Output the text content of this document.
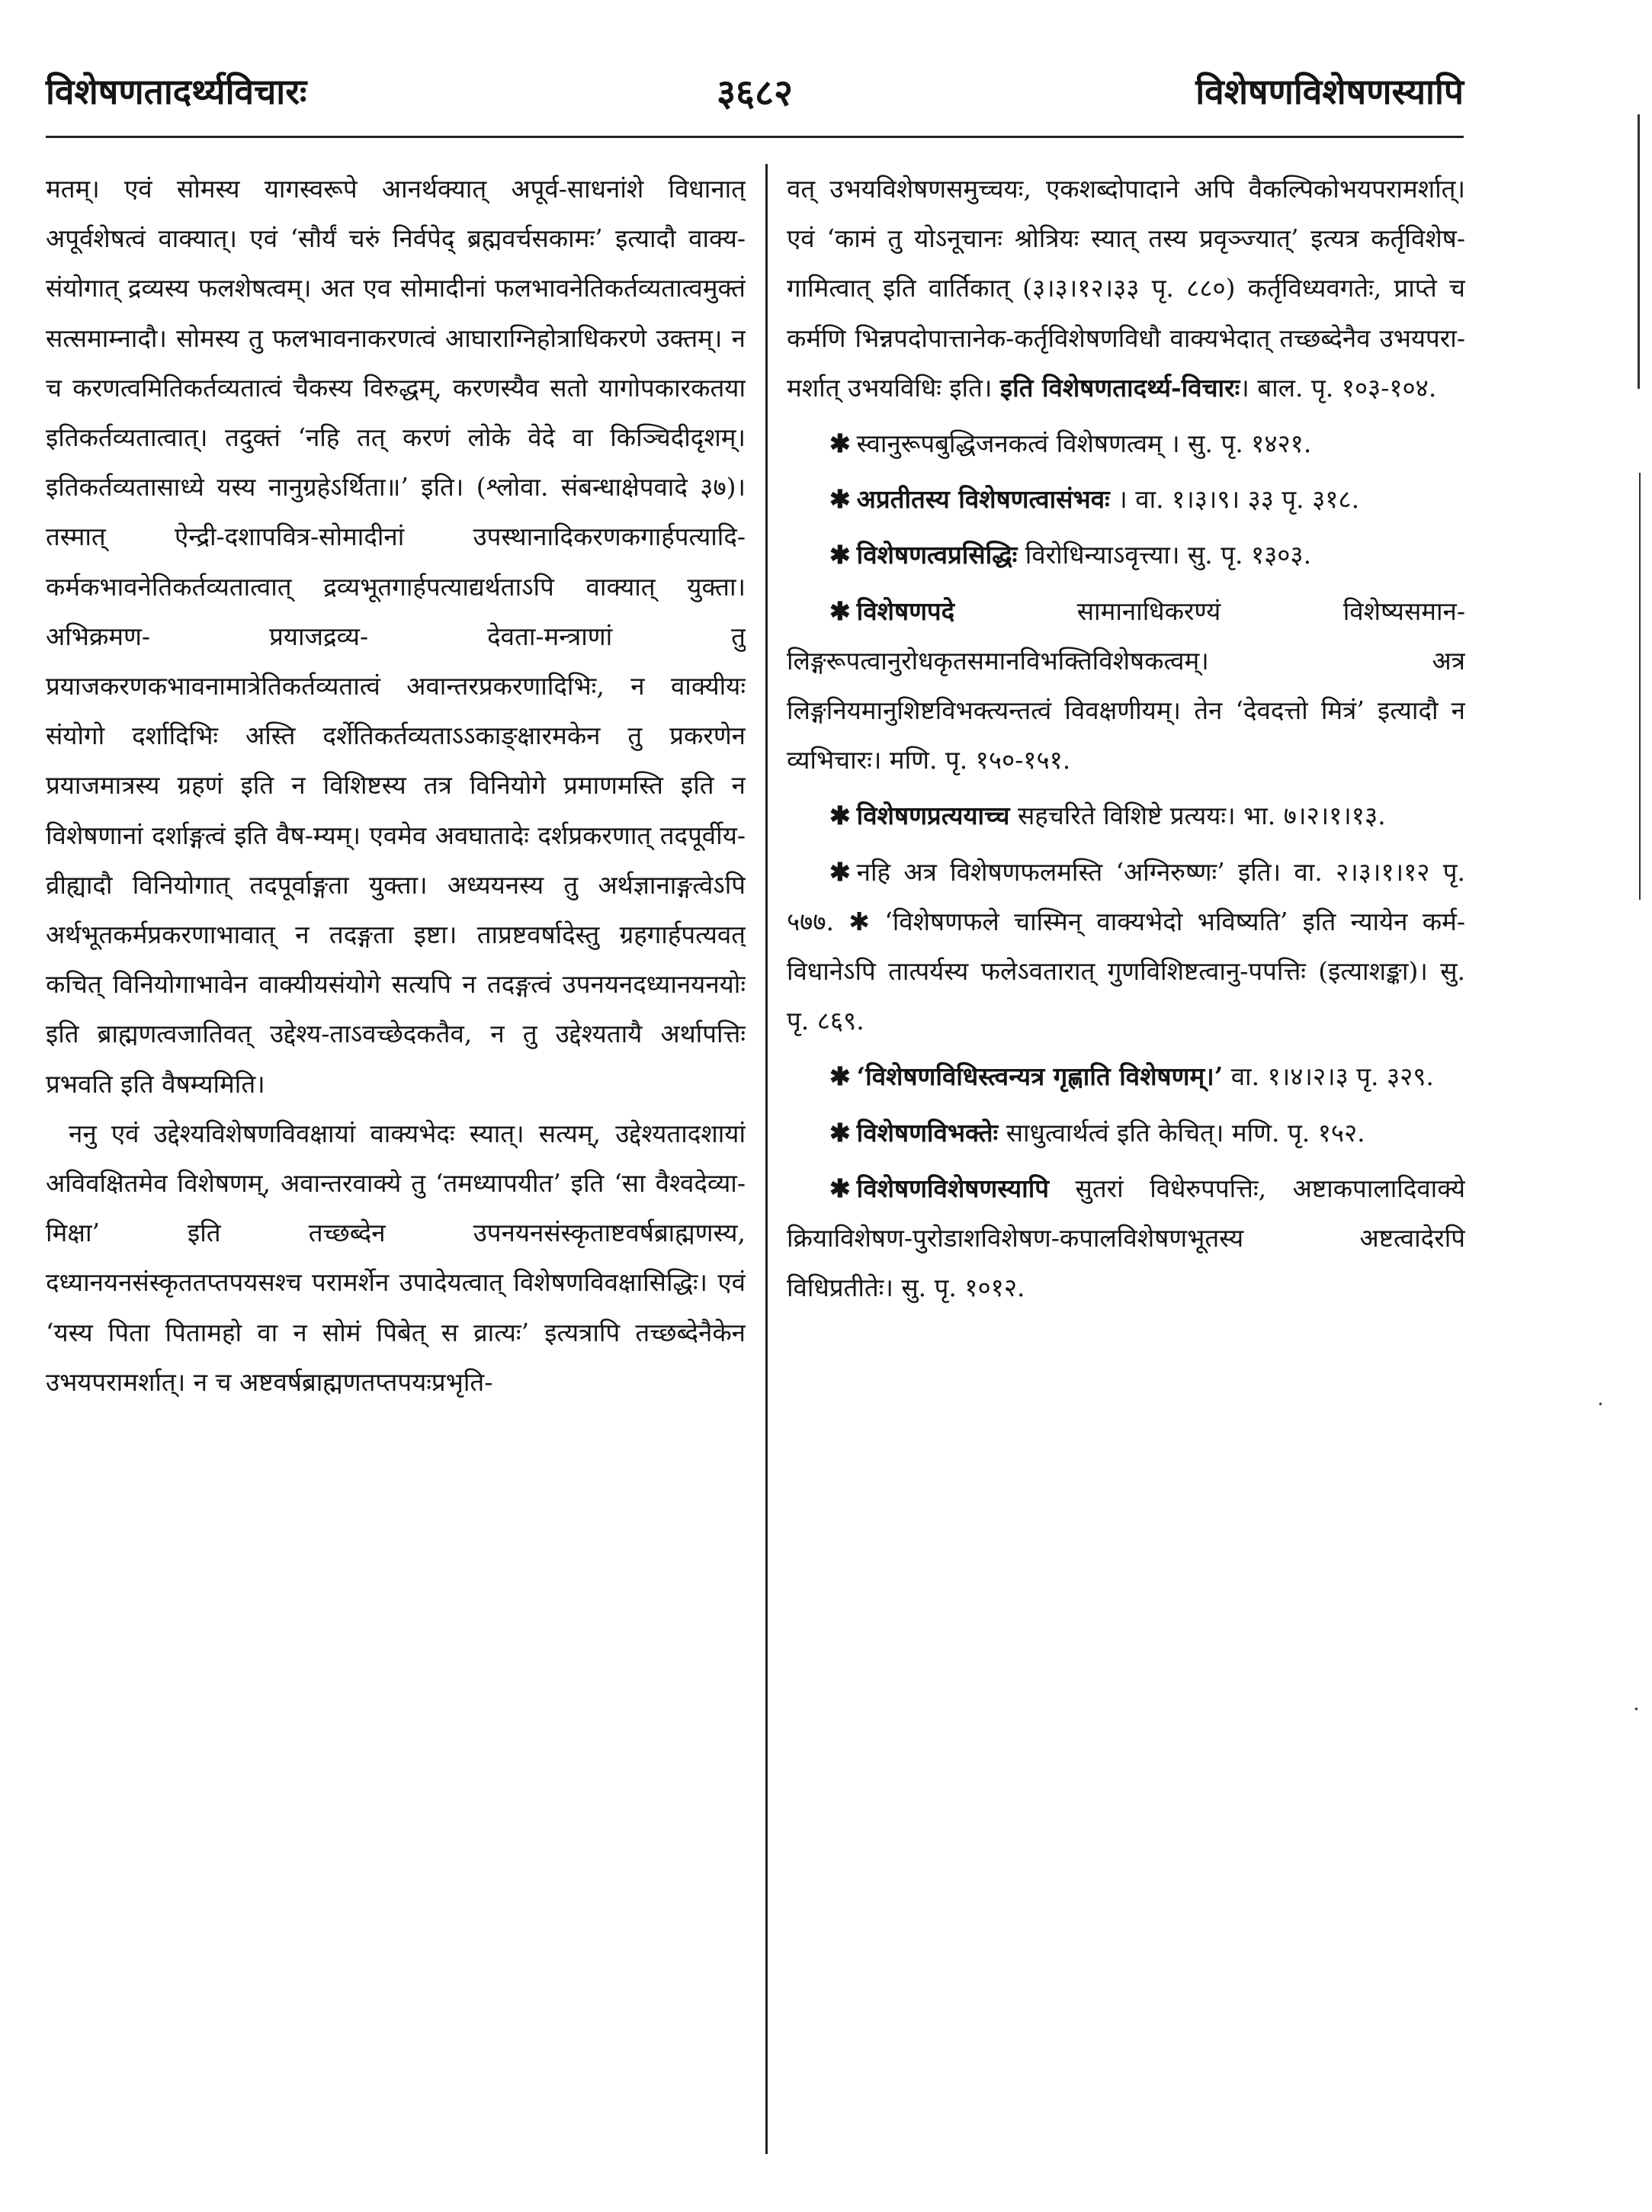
विशेषणतादर्थ्यविचारः	३६८२	विशेषणविशेषणस्यापि

मतम्। एवं सोमस्य यागस्वरूपे आनर्थक्यात् अपूर्व-साधनांशे विधानात् अपूर्वशेषत्वं वाक्यात्। एवं ‘सौर्यं चरुं निर्वपेद् ब्रह्मवर्चसकामः’ इत्यादौ वाक्य-संयोगात् द्रव्यस्य फलशेषत्वम्। अत एव सोमादीनां फलभावनेतिकर्तव्यतात्वमुक्तं सत्समाम्नादौ। सोमस्य तु फलभावनाकरणत्वं आघाराग्निहोत्राधिकरणे उक्तम्। न च करणत्वमितिकर्तव्यतात्वं चैकस्य विरुद्धम्, करणस्यैव सतो यागोपकारकतया इतिकर्तव्यतात्वात्। तदुक्तं ‘नहि तत् करणं लोके वेदे वा किञ्चिदीदृशम्। इतिकर्तव्यतासाध्ये यस्य नानुग्रहेऽर्थिता॥’ इति। (श्लोवा. संबन्धाक्षेपवादे ३७)। तस्मात् ऐन्द्री-दशापवित्र-सोमादीनां उपस्थानादिकरणकगार्हपत्यादि-कर्मकभावनेतिकर्तव्यतात्वात् द्रव्यभूतगार्हपत्याद्यर्थताऽपि वाक्यात् युक्ता। अभिक्रमण- प्रयाजद्रव्य- देवता-मन्त्राणां तु प्रयाजकरणकभावनामात्रेतिकर्तव्यतात्वं अवान्तरप्रकरणादिभिः, न वाक्यीयः संयोगो दर्शादिभिः अस्ति दर्शेतिकर्तव्यताऽऽकाङ्क्षारमकेन तु प्रकरणेन प्रयाजमात्रस्य ग्रहणं इति न विशिष्टस्य तत्र विनियोगे प्रमाणमस्ति इति न विशेषणानां दर्शाङ्गत्वं इति वैष-म्यम्। एवमेव अवघातादेः दर्शप्रकरणात् तदपूर्वीय-व्रीह्यादौ विनियोगात् तदपूर्वाङ्गता युक्ता। अध्ययनस्य तु अर्थज्ञानाङ्गत्वेऽपि अर्थभूतकर्मप्रकरणाभावात् न तदङ्गता इष्टा। ताप्रष्टवर्षादेस्तु ग्रहगार्हपत्यवत् कचित् विनियोगाभावेन वाक्यीयसंयोगे सत्यपि न तदङ्गत्वं उपनयनदध्यानयनयोः इति ब्राह्मणत्वजातिवत् उद्देश्य-ताऽवच्छेदकतैव, न तु उद्देश्यतायै अर्थापत्तिः प्रभवति इति वैषम्यमिति।

ननु एवं उद्देश्यविशेषणविवक्षायां वाक्यभेदः स्यात्। सत्यम्, उद्देश्यतादशायां अविवक्षितमेव विशेषणम्, अवान्तरवाक्ये तु ‘तमध्यापयीत’ इति ‘सा वैश्वदेव्या-मिक्षा’ इति तच्छब्देन उपनयनसंस्कृताष्टवर्षब्राह्मणस्य, दध्यानयनसंस्कृततप्तपयसश्च परामर्शेन उपादेयत्वात् विशेषणविवक्षासिद्धिः। एवं ‘यस्य पिता पितामहो वा न सोमं पिबेत् स व्रात्यः’ इत्यत्रापि तच्छब्देनैकेन उभयपरामर्शात्। न च अष्टवर्षब्राह्मणतप्तपयःप्रभृति-

वत् उभयविशेषणसमुच्चयः, एकशब्दोपादाने अपि वैकल्पिकोभयपरामर्शात्। एवं ‘कामं तु योऽनूचानः श्रोत्रियः स्यात् तस्य प्रवृञ्ज्यात्’ इत्यत्र कर्तृविशेष-गामित्वात् इति वार्तिकात् (३।३।१२।३३ पृ. ८८०) कर्तृविध्यवगतेः, प्राप्ते च कर्मणि भिन्नपदोपात्तानेक-कर्तृविशेषणविधौ वाक्यभेदात् तच्छब्देनैव उभयपरा-मर्शात् उभयविधिः इति। इति विशेषणतादर्थ्य-विचारः। बाल. पृ. १०३-१०४.

✱ स्वानुरूपबुद्धिजनकत्वं विशेषणत्वम् । सु. पृ. १४२१.

✱ अप्रतीतस्य विशेषणत्वासंभवः । वा. १।३।९। ३३ पृ. ३१८.

✱ विशेषणत्वप्रसिद्धिः विरोधिन्याऽवृत्त्या। सु. पृ. १३०३.

✱ विशेषणपदे	सामानाधिकरण्यं विशेष्यसमान-लिङ्गरूपत्वानुरोधकृतसमानविभक्तिविशेषकत्वम्। अत्र लिङ्गनियमानुशिष्टविभक्त्यन्तत्वं विवक्षणीयम्। तेन ‘देवदत्तो मित्रं’ इत्यादौ न व्यभिचारः। मणि. पृ. १५०-१५१.

✱ विशेषणप्रत्ययाच्च सहचरिते विशिष्टे प्रत्ययः। भा. ७।२।१।१३.

✱ नहि अत्र विशेषणफलमस्ति ‘अग्निरुष्णः’ इति। वा. २।३।१।१२ पृ. ५७७. ✱ ‘विशेषणफले चास्मिन् वाक्यभेदो भविष्यति’ इति न्यायेन कर्म-विधानेऽपि तात्पर्यस्य फलेऽवतारात् गुणविशिष्टत्वानु-पपत्तिः (इत्याशङ्का)। सु. पृ. ८६९.

✱ ‘विशेषणविधिस्त्वन्यत्र गृह्णाति विशेषणम्।’ वा. १।४।२।३ पृ. ३२९.

✱ विशेषणविभक्तेः साधुत्वार्थत्वं इति केचित्। मणि. पृ. १५२.

✱ विशेषणविशेषणस्यापि सुतरां विधेरुपपत्तिः, अष्टाकपालादिवाक्ये क्रियाविशेषण-पुरोडाशविशेषण-कपालविशेषणभूतस्य अष्टत्वादेरपि विधिप्रतीतेः। सु. पृ. १०१२.

·
·
